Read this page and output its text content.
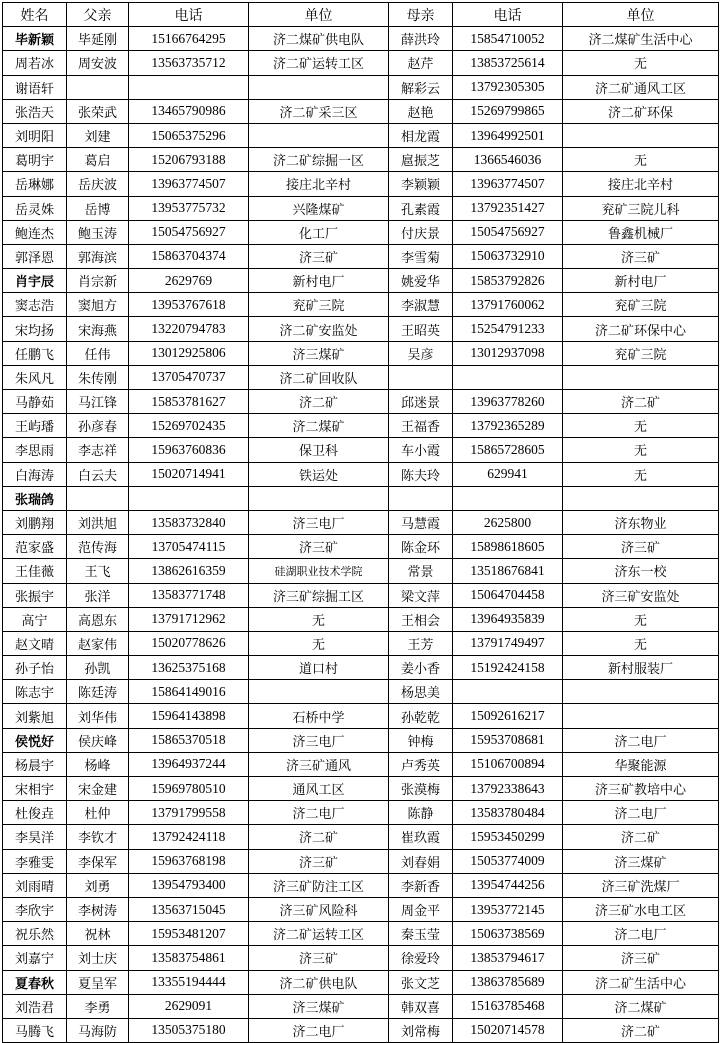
姓名	父亲	电话	单位	母亲	电话	单位
毕新颖	毕延刚	15166764295	济二煤矿供电队	薛洪玲	15854710052	济二煤矿生活中心
周若冰	周安波	13563735712	济二矿运转工区	赵芹	13853725614	无
谢语轩				解彩云	13792305305	济二矿通风工区
张浩天	张荣武	13465790986	济二矿采三区	赵艳	15269799865	济二矿环保
刘明阳	刘建	15065375296		相龙霞	13964992501	
葛明宇	葛启	15206793188	济二矿综掘一区	扈振芝	1366546036	无
岳琳娜	岳庆波	13963774507	接庄北辛村	李颖颖	13963774507	接庄北辛村
岳灵姝	岳博	13953775732	兴隆煤矿	孔素霞	13792351427	兖矿三院儿科
鲍连杰	鲍玉涛	15054756927	化工厂	付庆景	15054756927	鲁鑫机械厂
郭泽恩	郭海滨	15863704374	济三矿	李雪菊	15063732910	济三矿
肖宇辰	肖宗新	2629769	新村电厂	姚爱华	15853792826	新村电厂
窦志浩	窦旭方	13953767618	兖矿三院	李淑慧	13791760062	兖矿三院
宋均扬	宋海燕	13220794783	济二矿安监处	王昭英	15254791233	济二矿环保中心
任鹏飞	任伟	13012925806	济三煤矿	吴彦	13012937098	兖矿三院
朱风凡	朱传刚	13705470737	济二矿回收队			
马静茹	马江锋	15853781627	济二矿	邱迷景	13963778260	济二矿
王屿璠	孙彦春	15269702435	济二煤矿	王福香	13792365289	无
李思雨	李志祥	15963760836	保卫科	车小霞	15865728605	无
白海涛	白云夫	15020714941	铁运处	陈夫玲	629941	无
张瑞鸽						
刘鹏翔	刘洪旭	13583732840	济三电厂	马慧霞	2625800	济东物业
范家盛	范传海	13705474115	济三矿	陈金环	15898618605	济三矿
王佳薇	王飞	13862616359	硅湖职业技术学院	常景	13518676841	济东一校
张振宇	张洋	13583771748	济三矿综掘工区	梁文萍	15064704458	济三矿安监处
高宁	高恩东	13791712962	无	王相会	13964935839	无
赵文晴	赵家伟	15020778626	无	王芳	13791749497	无
孙子怡	孙凯	13625375168	道口村	姜小香	15192424158	新村服装厂
陈志宇	陈廷涛	15864149016		杨思美		
刘紫旭	刘华伟	15964143898	石桥中学	孙乾乾	15092616217	
侯悦好	侯庆峰	15865370518	济三电厂	钟梅	15953708681	济二电厂
杨晨宇	杨峰	13964937244	济三矿通风	卢秀英	15106700894	华聚能源
宋相宇	宋金建	15969780510	通风工区	张漠梅	13792338643	济三矿教培中心
杜俊垚	杜仲	13791799558	济二电厂	陈静	13583780484	济二电厂
李昊洋	李钦才	13792424118	济二矿	崔玖霞	15953450299	济二矿
李雅雯	李保军	15963768198	济三矿	刘春娟	15053774009	济三煤矿
刘雨晴	刘勇	13954793400	济三矿防注工区	李新香	13954744256	济三矿洗煤厂
李欣宇	李树涛	13563715045	济三矿风险科	周金平	13953772145	济三矿水电工区
祝乐然	祝林	15953481207	济二矿运转工区	秦玉莹	15063738569	济二电厂
刘嘉宁	刘士庆	13583754861	济三矿	徐爱玲	13853794617	济三矿
夏春秋	夏呈军	13355194444	济二矿供电队	张文芝	13863785689	济二矿生活中心
刘浩君	李勇	2629091	济三煤矿	韩双喜	15163785468	济二煤矿
马腾飞	马海防	13505375180	济二电厂	刘常梅	15020714578	济二矿
